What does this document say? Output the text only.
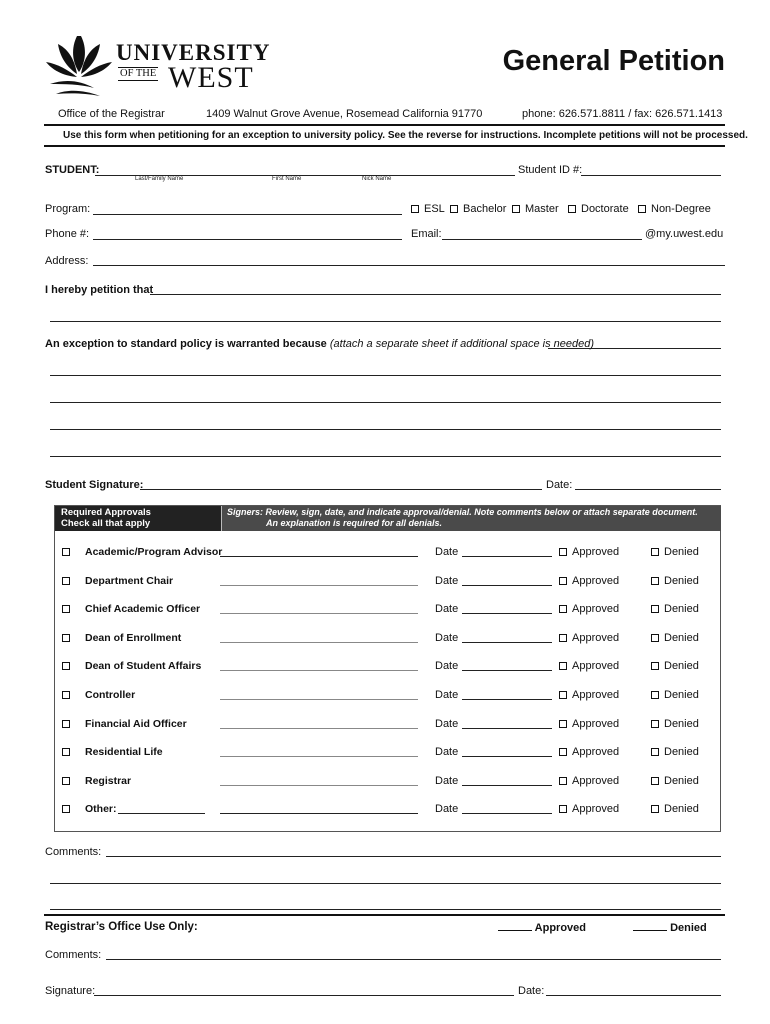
UNIVERSITY
OF THE WEST	General Petition
Office of the Registrar	1409 Walnut Grove Avenue, Rosemead California 91770	phone: 626.571.8811 / fax: 626.571.1413
Use this form when petitioning for an exception to university policy. See the reverse for instructions. Incomplete petitions will not be processed.
STUDENT:
Last/Family Name	First Name	Nick Name
Student ID #:
Program:	ESL	Bachelor	Master	Doctorate	Non-Degree
Phone #:	Email:	@my.uwest.edu
Address:
I hereby petition that
An exception to standard policy is warranted because (attach a separate sheet if additional space is needed)
Student Signature:	Date:
Required Approvals
Check all that apply
Signers: Review, sign, date, and indicate approval/denial. Note comments below or attach separate document.
An explanation is required for all denials.
Academic/Program Advisor	Date	Approved	Denied
Department Chair	Date	Approved	Denied
Chief Academic Officer	Date	Approved	Denied
Dean of Enrollment	Date	Approved	Denied
Dean of Student Affairs	Date	Approved	Denied
Controller	Date	Approved	Denied
Financial Aid Officer	Date	Approved	Denied
Residential Life	Date	Approved	Denied
Registrar	Date	Approved	Denied
Other:	Date	Approved	Denied
Comments:
Registrar’s Office Use Only:	Approved	Denied
Comments:
Signature:	Date:
